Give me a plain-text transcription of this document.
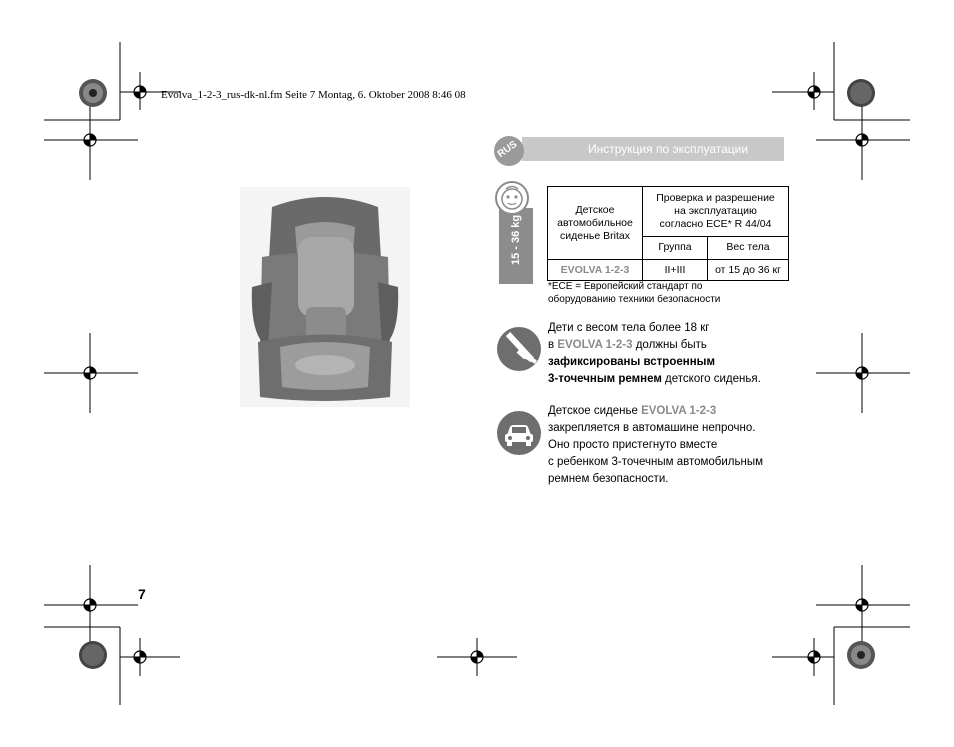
Evolva_1-2-3_rus-dk-nl.fm Seite 7 Montag, 6. Oktober 2008 8:46 08
RUS	Инструкция по эксплуатации
15 - 36 kg
Детское
автомобильное
сиденье Britax	Проверка и разрешение
на эксплуатацию
согласно ECE* R 44/04	
	Группа	Вес тела
EVOLVA 1-2-3	II+III	от 15 до 36 кг
*ECE = Европейский стандарт по
оборудованию техники безопасности
Дети с весом тела более 18 кг
в EVOLVA 1-2-3 должны быть
зафиксированы встроенным
3-точечным ремнем детского сиденья.
Детское сиденье EVOLVA 1-2-3
закрепляется в автомашине непрочно.
Оно просто пристегнуто вместе
с ребенком 3-точечным автомобильным
ремнем безопасности.
7
